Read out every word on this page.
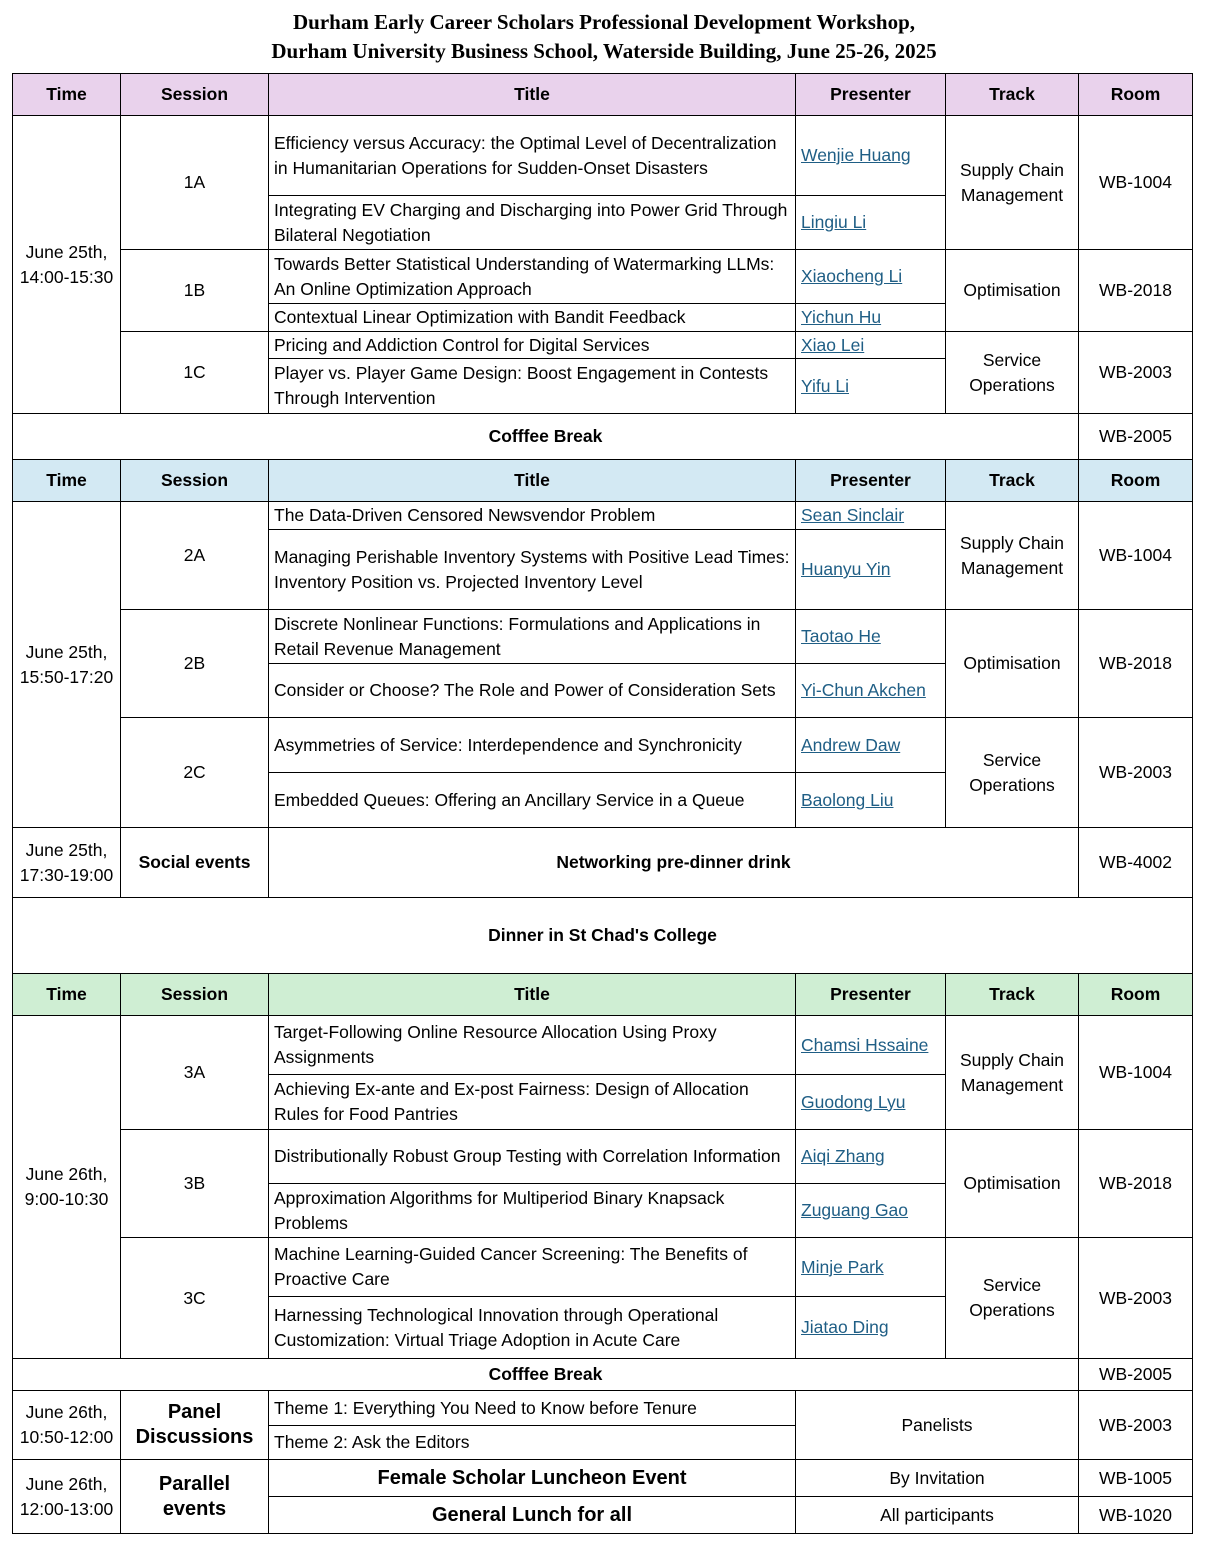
Durham Early Career Scholars Professional Development Workshop,
Durham University Business School, Waterside Building, June 25-26, 2025
Time	Session	Title	Presenter	Track	Room
June 25th, 14:00-15:30	1A	Efficiency versus Accuracy: the Optimal Level of Decentralization in Humanitarian Operations for Sudden-Onset Disasters	Wenjie Huang	Supply Chain Management	WB-1004
		Integrating EV Charging and Discharging into Power Grid Through Bilateral Negotiation	Lingiu Li		
	1B	Towards Better Statistical Understanding of Watermarking LLMs: An Online Optimization Approach	Xiaocheng Li	Optimisation	WB-2018
		Contextual Linear Optimization with Bandit Feedback	Yichun Hu		
	1C	Pricing and Addiction Control for Digital Services	Xiao Lei	Service Operations	WB-2003
		Player vs. Player Game Design: Boost Engagement in Contests Through Intervention	Yifu Li		
Cofffee Break					WB-2005
Time	Session	Title	Presenter	Track	Room
June 25th, 15:50-17:20	2A	The Data-Driven Censored Newsvendor Problem	Sean Sinclair	Supply Chain Management	WB-1004
		Managing Perishable Inventory Systems with Positive Lead Times: Inventory Position vs. Projected Inventory Level	Huanyu Yin		
	2B	Discrete Nonlinear Functions: Formulations and Applications in Retail Revenue Management	Taotao He	Optimisation	WB-2018
		Consider or Choose? The Role and Power of Consideration Sets	Yi-Chun Akchen		
	2C	Asymmetries of Service: Interdependence and Synchronicity	Andrew Daw	Service Operations	WB-2003
		Embedded Queues: Offering an Ancillary Service in a Queue	Baolong Liu		
June 25th, 17:30-19:00	Social events	Networking pre-dinner drink			WB-4002
Dinner in St Chad's College					
Time	Session	Title	Presenter	Track	Room
June 26th, 9:00-10:30	3A	Target-Following Online Resource Allocation Using Proxy Assignments	Chamsi Hssaine	Supply Chain Management	WB-1004
		Achieving Ex-ante and Ex-post Fairness: Design of Allocation Rules for Food Pantries	Guodong Lyu		
	3B	Distributionally Robust Group Testing with Correlation Information	Aiqi Zhang	Optimisation	WB-2018
		Approximation Algorithms for Multiperiod Binary Knapsack Problems	Zuguang Gao		
	3C	Machine Learning-Guided Cancer Screening: The Benefits of Proactive Care	Minje Park	Service Operations	WB-2003
		Harnessing Technological Innovation through Operational Customization: Virtual Triage Adoption in Acute Care	Jiatao Ding		
Cofffee Break					WB-2005
June 26th, 10:50-12:00	Panel Discussions	Theme 1: Everything You Need to Know before Tenure	Panelists		WB-2003
		Theme 2: Ask the Editors			
June 26th, 12:00-13:00	Parallel events	Female Scholar Luncheon Event	By Invitation		WB-1005
		General Lunch for all	All participants		WB-1020
